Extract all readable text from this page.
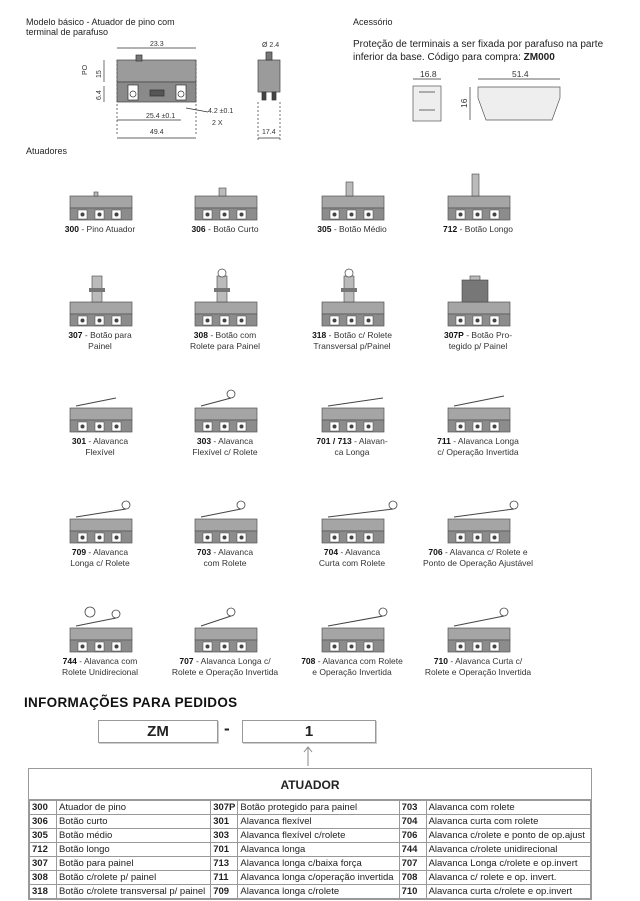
Modelo básico - Atuador de pino com terminal de parafuso
Acessório
Proteção de terminais a ser fixada por parafuso na parte inferior da base. Código para compra: ZM000
23.3
PO 15
6.4
25.4 ±0.1
4.2 ±0.1
2 X
49.4
Ø 2.4
17.4
16.8	51.4
16
Atuadores
300 - Pino Atuador	306 - Botão Curto	305 - Botão Médio	712 - Botão Longo

307 - Botão para
Painel
308 - Botão com
Rolete para Painel
318 - Botão c/ Rolete
Transversal p/Painel
307P - Botão Pro-
tegido p/ Painel
301 - Alavanca
Flexível
303 - Alavanca
Flexível c/ Rolete
701 / 713 - Alavan-
ca Longa
711 - Alavanca Longa
c/ Operação Invertida
709 - Alavanca
Longa c/ Rolete
703 - Alavanca
com Rolete
704 - Alavanca
Curta com Rolete
706 - Alavanca c/ Rolete e
Ponto de Operação Ajustável
744 - Alavanca com
Rolete Unidirecional
707 - Alavanca Longa c/
Rolete e Operação Invertida
708 - Alavanca com Rolete
e Operação Invertida
710 - Alavanca Curta c/
Rolete e Operação Invertida
INFORMAÇÕES PARA PEDIDOS
ZM	-	1
ATUADOR
300	Atuador de pino	307P	Botão protegido para painel	703	Alavanca com rolete
306	Botão curto	301	Alavanca flexível	704	Alavanca curta com rolete
305	Botão médio	303	Alavanca flexível c/rolete	706	Alavanca c/rolete e ponto de op.ajust
712	Botão longo	701	Alavanca longa	744	Alavanca c/rolete unidirecional
307	Botão para painel	713	Alavanca longa c/baixa força	707	Alavanca Longa c/rolete e op.invert
308	Botão c/rolete p/ painel	711	Alavanca longa c/operação invertida	708	Alavanca c/ rolete e op. invert.
318	Botão c/rolete transversal p/ painel	709	Alavanca longa c/rolete	710	Alavanca curta c/rolete e op.invert
